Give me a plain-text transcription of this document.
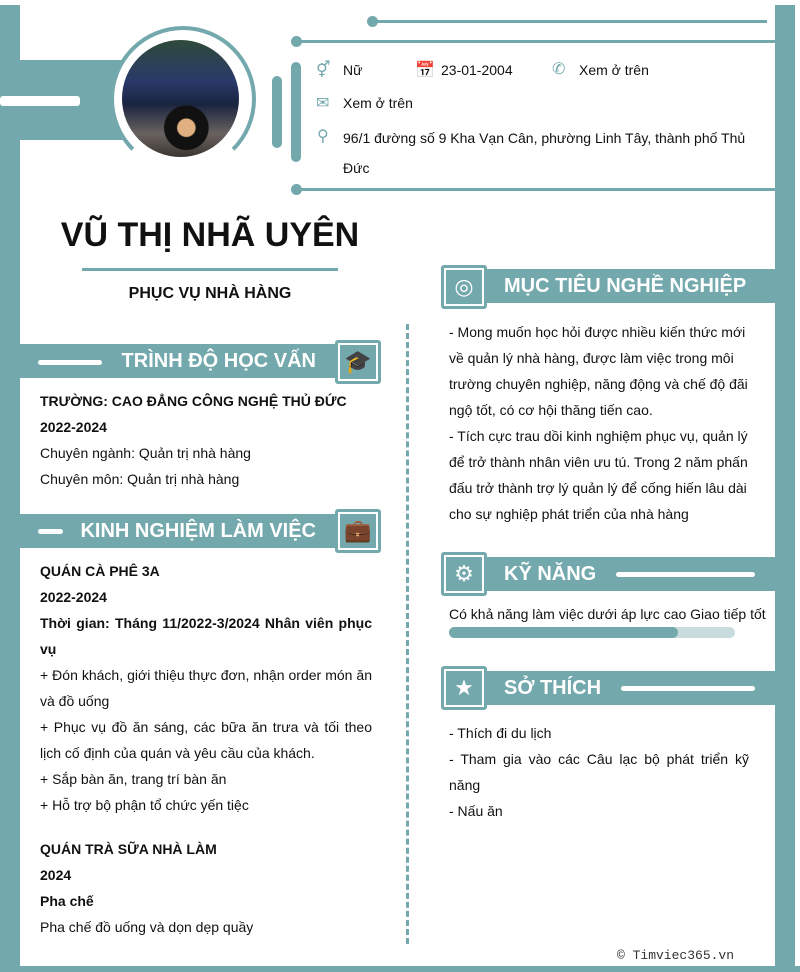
⚥ Nữ	📅 23-01-2004 ✆ Xem ở trên
✉ Xem ở trên
⚲ 96/1 đường số 9 Kha Vạn Cân, phường Linh Tây, thành phố Thủ Đức
VŨ THỊ NHÃ UYÊN
PHỤC VỤ NHÀ HÀNG
TRÌNH ĐỘ HỌC VẤN	🎓
TRƯỜNG: CAO ĐẲNG CÔNG NGHỆ THỦ ĐỨC
2022-2024
Chuyên ngành: Quản trị nhà hàng
Chuyên môn: Quản trị nhà hàng
KINH NGHIỆM LÀM VIỆC	💼
QUÁN CÀ PHÊ 3A
2022-2024
Thời gian: Tháng 11/2022-3/2024 Nhân viên phục vụ
+ Đón khách, giới thiệu thực đơn, nhận order món ăn và đồ uống
+ Phục vụ đồ ăn sáng, các bữa ăn trưa và tối theo lịch cố định của quán và yêu cầu của khách.
+ Sắp bàn ăn, trang trí bàn ăn
+ Hỗ trợ bộ phận tổ chức yến tiệc
QUÁN TRÀ SỮA NHÀ LÀM
2024
Pha chế
Pha chế đồ uống và dọn dẹp quầy
MỤC TIÊU NGHỀ NGHIỆP
◎
- Mong muốn học hỏi được nhiều kiến thức mới về quản lý nhà hàng, được làm việc trong môi trường chuyên nghiệp, năng động và chế độ đãi ngộ tốt, có cơ hội thăng tiến cao.
- Tích cực trau dồi kinh nghiệm phục vụ, quản lý để trở thành nhân viên ưu tú. Trong 2 năm phấn đấu trở thành trợ lý quản lý để cống hiến lâu dài cho sự nghiệp phát triển của nhà hàng
KỸ NĂNG
⚙
Có khả năng làm việc dưới áp lực cao Giao tiếp tốt
SỞ THÍCH
★
- Thích đi du lịch
- Tham gia vào các Câu lạc bộ phát triển kỹ năng
- Nấu ăn
© Timviec365.vn
